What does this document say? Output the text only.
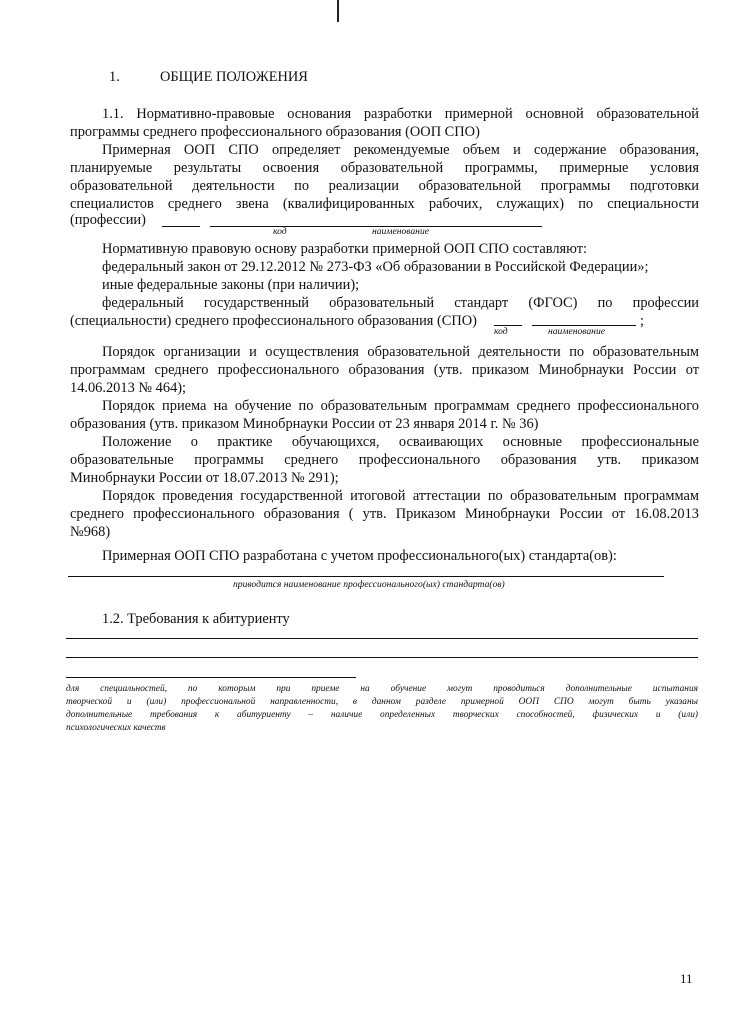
1.	ОБЩИЕ ПОЛОЖЕНИЯ
1.1. Нормативно-правовые основания разработки примерной основной образовательной
программы среднего профессионального образования (ООП СПО)
Примерная ООП СПО определяет рекомендуемые объем и содержание образования,
планируемые результаты освоения образовательной программы, примерные условия
образовательной деятельности по реализации образовательной программы подготовки
специалистов среднего звена (квалифицированных рабочих, служащих) по специальности
(профессии)
код	наименование
Нормативную правовую основу разработки примерной ООП СПО составляют:
федеральный закон от 29.12.2012 № 273-ФЗ «Об образовании в Российской Федерации»;
иные федеральные законы (при наличии);
федеральный государственный образовательный стандарт (ФГОС) по профессии
(специальности) среднего профессионального образования (СПО)	;
код	наименование
Порядок организации и осуществления образовательной деятельности по образовательным
программам среднего профессионального образования (утв. приказом Минобрнауки России от
14.06.2013 № 464);
Порядок приема на обучение по образовательным программам среднего профессионального
образования (утв. приказом Минобрнауки России от 23 января 2014 г. № 36)
Положение о практике обучающихся, осваивающих основные профессиональные
образовательные программы среднего профессионального образования утв. приказом
Минобрнауки России от 18.07.2013 № 291);
Порядок проведения государственной итоговой аттестации по образовательным программам
среднего профессионального образования ( утв. Приказом Минобрнауки России от 16.08.2013
№968)
Примерная ООП СПО разработана с учетом профессионального(ых) стандарта(ов):
приводится наименование профессионального(ых) стандарта(ов)
1.2. Требования к абитуриенту
для специальностей, по которым при приеме на обучение могут проводиться дополнительные испытания
творческой и (или) профессиональной направленности, в данном разделе примерной ООП СПО могут быть указаны
дополнительные требования к абитуриенту – наличие определенных творческих способностей, физических и (или)
психологических качеств
11
